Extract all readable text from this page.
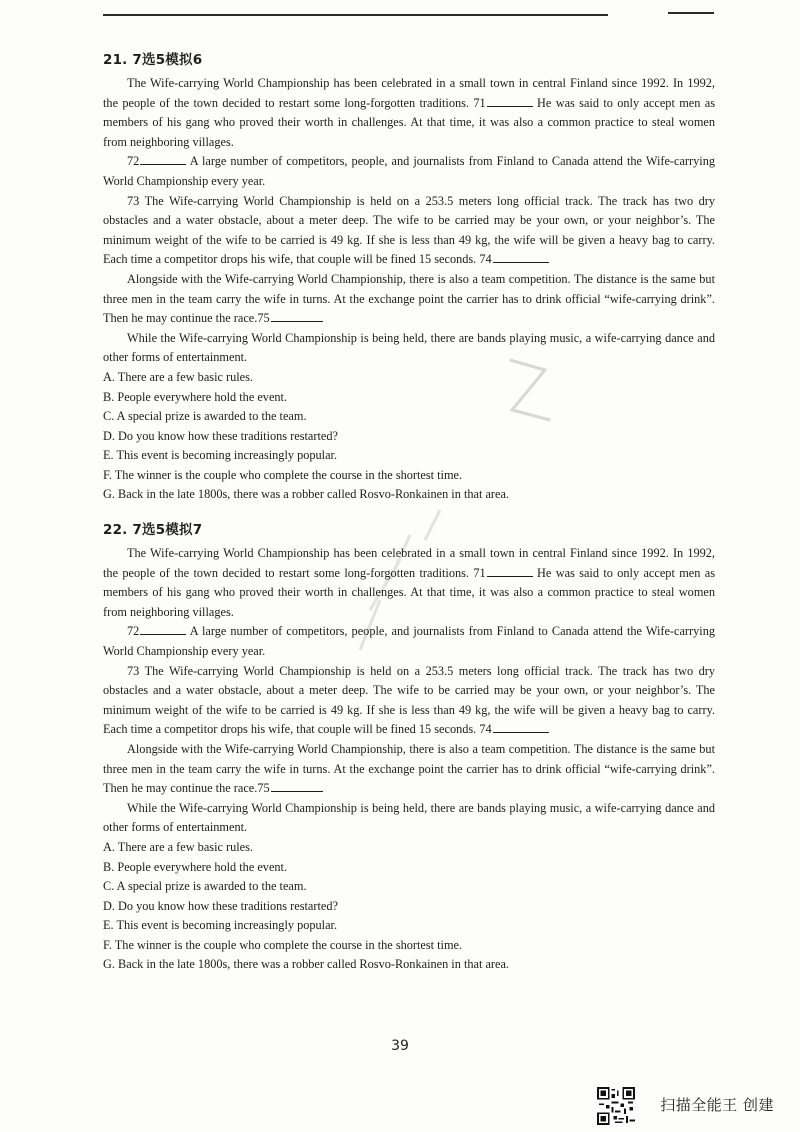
21. 7选5模拟6

The Wife-carrying World Championship has been celebrated in a small town in central Finland since 1992. In 1992, the people of the town decided to restart some long-forgotten traditions. 71	He was said to only accept men as members of his gang who proved their worth in challenges. At that time, it was also a common practice to steal women from neighboring villages.

72	A large number of competitors, people, and journalists from Finland to Canada attend the Wife-carrying World Championship every year.

73 The Wife-carrying World Championship is held on a 253.5 meters long official track. The track has two dry obstacles and a water obstacle, about a meter deep. The wife to be carried may be your own, or your neighbor’s. The minimum weight of the wife to be carried is 49 kg. If she is less than 49 kg, the wife will be given a heavy bag to carry. Each time a competitor drops his wife, that couple will be fined 15 seconds. 74

Alongside with the Wife-carrying World Championship, there is also a team competition. The distance is the same but three men in the team carry the wife in turns. At the exchange point the carrier has to drink official “wife-carrying drink”. Then he may continue the race.75

While the Wife-carrying World Championship is being held, there are bands playing music, a wife-carrying dance and other forms of entertainment.

A. There are a few basic rules.
B. People everywhere hold the event.
C. A special prize is awarded to the team.
D. Do you know how these traditions restarted?
E. This event is becoming increasingly popular.
F. The winner is the couple who complete the course in the shortest time.
G. Back in the late 1800s, there was a robber called Rosvo-Ronkainen in that area.
22. 7选5模拟7

The Wife-carrying World Championship has been celebrated in a small town in central Finland since 1992. In 1992, the people of the town decided to restart some long-forgotten traditions. 71	He was said to only accept men as members of his gang who proved their worth in challenges. At that time, it was also a common practice to steal women from neighboring villages.

72	A large number of competitors, people, and journalists from Finland to Canada attend the Wife-carrying World Championship every year.

73 The Wife-carrying World Championship is held on a 253.5 meters long official track. The track has two dry obstacles and a water obstacle, about a meter deep. The wife to be carried may be your own, or your neighbor’s. The minimum weight of the wife to be carried is 49 kg. If she is less than 49 kg, the wife will be given a heavy bag to carry. Each time a competitor drops his wife, that couple will be fined 15 seconds. 74

Alongside with the Wife-carrying World Championship, there is also a team competition. The distance is the same but three men in the team carry the wife in turns. At the exchange point the carrier has to drink official “wife-carrying drink”. Then he may continue the race.75

While the Wife-carrying World Championship is being held, there are bands playing music, a wife-carrying dance and other forms of entertainment.

A. There are a few basic rules.
B. People everywhere hold the event.
C. A special prize is awarded to the team.
D. Do you know how these traditions restarted?
E. This event is becoming increasingly popular.
F. The winner is the couple who complete the course in the shortest time.
G. Back in the late 1800s, there was a robber called Rosvo-Ronkainen in that area.
39
扫描全能王 创建
